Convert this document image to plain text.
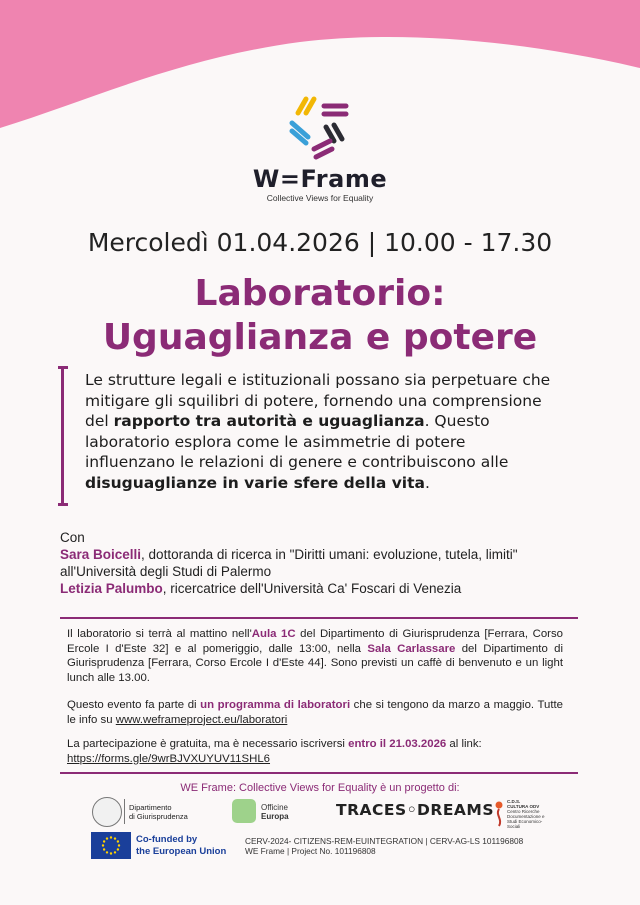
W=Frame
Collective Views for Equality
Mercoledì 01.04.2026 | 10.00 - 17.30
Laboratorio:
Uguaglianza e potere
Le strutture legali e istituzionali possano sia perpetuare che mitigare gli squilibri di potere, fornendo una comprensione del rapporto tra autorità e uguaglianza. Questo laboratorio esplora come le asimmetrie di potere influenzano le relazioni di genere e contribuiscono alle disuguaglianze in varie sfere della vita.
Con
Sara Boicelli, dottoranda di ricerca in "Diritti umani: evoluzione, tutela, limiti" all'Università degli Studi di Palermo
Letizia Palumbo, ricercatrice dell'Università Ca' Foscari di Venezia
Il laboratorio si terrà al mattino nell'Aula 1C del Dipartimento di Giurisprudenza [Ferrara, Corso Ercole I d'Este 32] e al pomeriggio, dalle 13:00, nella Sala Carlassare del Dipartimento di Giurisprudenza [Ferrara, Corso Ercole I d'Este 44]. Sono previsti un caffè di benvenuto e un light lunch alle 13.00.
Questo evento fa parte di un programma di laboratori che si tengono da marzo a maggio. Tutte le info su www.weframeproject.eu/laboratori
La partecipazione è gratuita, ma è necessario iscriversi entro il 21.03.2026 al link:
https://forms.gle/9wrBJVXUYUV11SHL6
WE Frame: Collective Views for Equality è un progetto di:
Dipartimento
di Giurisprudenza
Officine
Europa	TRACES◦DREAMS	C.D.S.
CULTURA ODV
Centro Ricerche Documentazione e Studi Economico-Sociali
Co-funded by
the European Union
CERV-2024- CITIZENS-REM-EUINTEGRATION | CERV-AG-LS 101196808
WE Frame | Project No. 101196808
